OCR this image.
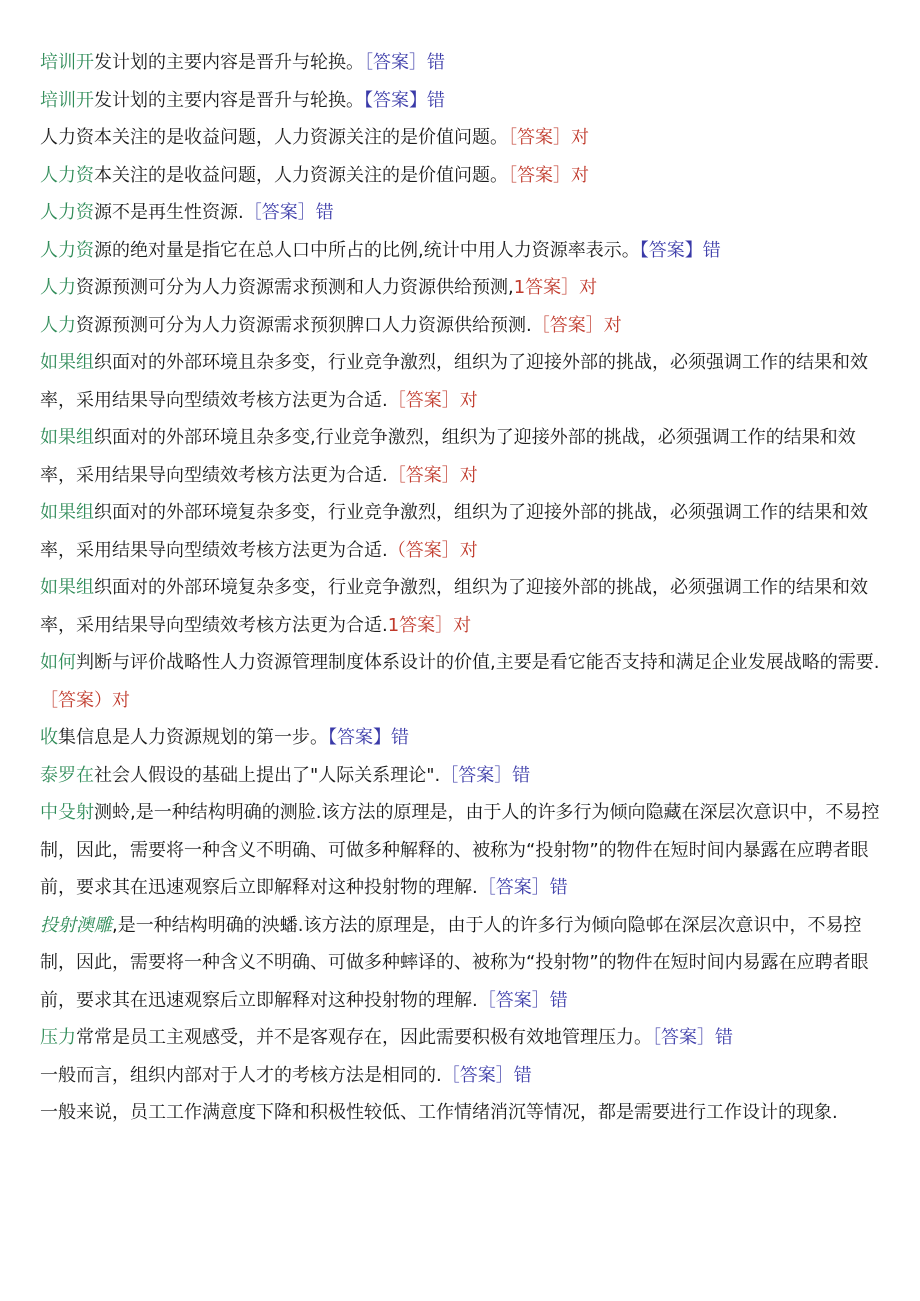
培训开发计划的主要内容是晋升与轮换。［答案］错

培训开发计划的主要内容是晋升与轮换。【答案】错

人力资本关注的是收益问题，人力资源关注的是价值问题。［答案］对

人力资本关注的是收益问题，人力资源关注的是价值问题。［答案］对

人力资源不是再生性资源.［答案］错

人力资源的绝对量是指它在总人口中所占的比例,统计中用人力资源率表示。【答案】错

人力资源预测可分为人力资源需求预测和人力资源供给预测,1答案］对

人力资源预测可分为人力资源需求预狈脾口人力资源供给预测.［答案］对

如果组织面对的外部环境且杂多变，行业竞争激烈，组织为了迎接外部的挑战，必须强调工作的结果和效率，采用结果导向型绩效考核方法更为合适.［答案］对

如果组织面对的外部环境且杂多变,行业竞争激烈，组织为了迎接外部的挑战，必须强调工作的结果和效率，采用结果导向型绩效考核方法更为合适.［答案］对

如果组织面对的外部环境复杂多变，行业竞争激烈，组织为了迎接外部的挑战，必须强调工作的结果和效率，采用结果导向型绩效考核方法更为合适.（答案］对

如果组织面对的外部环境复杂多变，行业竞争激烈，组织为了迎接外部的挑战，必须强调工作的结果和效率，采用结果导向型绩效考核方法更为合适.1答案］对

如何判断与评价战略性人力资源管理制度体系设计的价值,主要是看它能否支持和满足企业发展战略的需要.［答案）对

收集信息是人力资源规划的第一步。【答案】错

泰罗在社会人假设的基础上提出了"人际关系理论".［答案］错

中殳射测蛉,是一种结构明确的测脸.该方法的原理是，由于人的许多行为倾向隐藏在深层次意识中，不易控制，因此，需要将一种含义不明确、可做多种解释的、被称为“投射物”的物件在短时间内暴露在应聘者眼前，要求其在迅速观察后立即解释对这种投射物的理解.［答案］错

投射澳雕,是一种结构明确的泱蟠.该方法的原理是，由于人的许多行为倾向隐邨在深层次意识中，不易控制，因此，需要将一种含义不明确、可做多种蟀译的、被称为“投射物”的物件在短时间内易露在应聘者眼前，要求其在迅速观察后立即解释对这种投射物的理解.［答案］错

压力常常是员工主观感受，并不是客观存在，因此需要积极有效地管理压力。［答案］错

一般而言，组织内部对于人才的考核方法是相同的.［答案］错

一般来说，员工工作满意度下降和积极性较低、工作情绪消沉等情况，都是需要进行工作设计的现象.
